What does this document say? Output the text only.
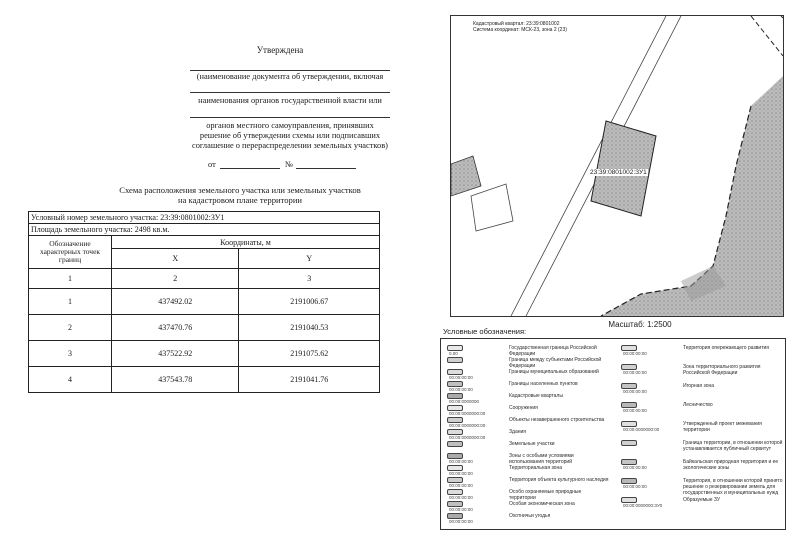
Утверждена
(наименование документа об утверждении, включая
наименования органов государственной власти или
органов местного самоуправления, принявших
решение об утверждении схемы или подписавших
соглашение о перераспределении земельных участков)
от	№
Схема расположения земельного участка или земельных участков
на кадастровом плане территории
Условный номер земельного участка: 23:39:0801002:ЗУ1		
Площадь земельного участка: 2498 кв.м.		
Обозначение характерных точек границ	Координаты, м	
	X	Y
1	2	3
1	437492.02	2191006.67
2	437470.76	2191040.53
3	437522.92	2191075.62
4	437543.78	2191041.76
Кадастровый квартал: 23:39:0801002
Система координат: МСК-23, зона 2 (23)
23:39:0801002:ЗУ1
Масштаб: 1:2500
Условные обозначения:
0.00
Государственная граница Российской Федерации
Граница между субъектами Российской Федерации
00:00:00:00
Границы муниципальных образований
00:00:00:00
Границы населенных пунктов
00:00:0000000
Кадастровые кварталы
00:00:0000000:00
Сооружения
00:00:0000000:00
Объекты незавершенного строительства
00:00:0000000:00
Здания
Земельные участки
00:00:00:00
Зоны с особыми условиями использования территорий
00:00:00:00
Территориальная зона
00:00:00:00
Территория объекта культурного наследия
00:00:00:00
Особо охраняемые природные территории
00:00:00:00
Особая экономическая зона
00:00:00:00
Охотничьи угодья
00:00:00:00
Территория опережающего развития
00:00:00:00
Зона территориального развития Российской Федерации
00:00:00:00
Игорная зона
00:00:00:00
Лесничество
00:00:0000000:00
Утвержденный проект межевания территории
Граница территории, в отношении которой устанавливается публичный сервитут
00:00:00:00
Байкальская природная территория и ее экологические зоны
00:00:00:00
Территория, в отношении которой принято решение о резервировании земель для государственных и муниципальных нужд
00:00:0000000:ЗУ0
Образуемые ЗУ
